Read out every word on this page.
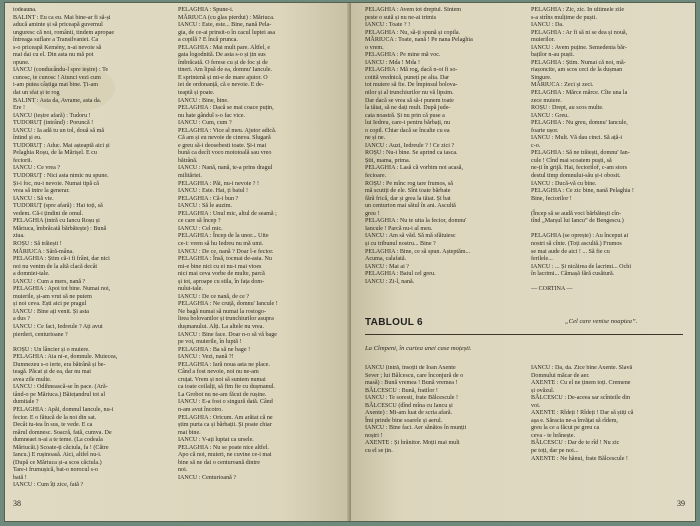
todeauna.

BALINT : Eu ca eu. Mai bine-ar fi să-și

aducă aminte și să priceapă guvernul

unguresc că noi, românii, tindem apropae

întreaga suflare a Transilvaniei. Ca

s-o priceapă Kemény, n-ai nevoie să

mai dai cu el. Din asta nu mă pot

opune.

IANCU (conducându-l spre ieșire) : Te

cunosc, te cunosc ! Atunci vezi cum

i-am putea câștiga mai bine. Ți-am

dat un sfat și te rog

BALINT : Asta da, Avrame, asta da.

Ere !

IANCU (ieșire afară) : Tudoru !

TUDORUȚ (intrând) : Poruncă !

IANCU : Ia adă tu un tol, două să mă

întind și eu.

TUDORUȚ : Aduc. Mai așteaptă aici și

Pelaghia Roșu, de la Mărișel. E cu

feciorii.

IANCU : Ce vrea ?

TUDORUȚ : Nici asta nimic nu spune.

Și-i foc, nu-i nevoie. Numai tipă că

vrea să intre la generar.

IANCU : Să vie.

TUDORUȚ (spre afară) : Hai toți, să

vedem. Că-i țindini de omul.

PELAGHIA (intră cu Iancu Roșu și

Măriuca, îmbrăcată bărbătește) : Bună

ziua.

ROȘU : Să trăiești !

MĂRIUCA : Sără-mâna.

PELAGHIA : Știm că-i fi frânt, dar nici

noi nu venim de la altă clacă decât

a domniei-tale.

IANCU : Cum a mers, nană ?

PELAGHIA : Apoi tot bine. Numai noi,

muierile, și-am vrut să ne puiem

și noi ceva. Ești aici pe pragul

IANCU : Bine ați venit. Și asta

a dus ?

IANCU : Ce faci, Iedreule ? Ați avut

pierderi, centurioane ?

ROȘU : Un lâncier și o muiere.

PELAGHIA : Aia ni-e, domnule. Muiecea,

Dumnezeu s-o ierte, era bătrână și be-

teagă. Păcat și de ea, dar nu mai

avea zile multe.

IANCU : Odihnească-se în pace. (Ară-

tând-o pe Măriuca.) Băiețandrul tot al

dumitale ?

PELAGHIA : Apăi, domnul Iancule, nu-i

fecior. E o fătucă de la noi din sat.

Decât tu-tea în sus, te vede. E ca

mărul domnesc. Soacră, fată, cumva. De

dumneaei n-ai a te teme. (La codeala

Măriucăi.) Scoate-ți căciula, fa ! (Către

Iancu.) E rușinoasă. Aici, altfel nu-i.

(După ce Măriuca și-a scos căciula.)

Tare-i frumușică, bat-o norocul s-o

bată !

IANCU : Cum îți zice, fată ?

PELAGHIA : Spune-i.

MĂRIUCA (cu glas pierdut) : Măriuca.

IANCU : Este, este... Bine, nană Pela-

gia, de ce-ai prinsit-o în cacul luptei asa

a copilă ? E încă prunca.

PELAGHIA : Mai mult pare. Altfel, e

gata logodnită. De asta s-o și țin sus

îmbrăcată. O ferese cu și de foc și de

tineri. Am lipsă de ea, domnu' Iancule.

E sprintenă și mi-e de mare ajutor. O

iei de ordonanță, că e nevoie. E de-

teaptă și poate.

IANCU : Bine, bine.

PELAGHIA : Dacă se mai coace puțin,

nu hate gândul s-o fac vice.

IANCU : Cum, cum ?

PELAGHIA : Vice al meu. Ajutor adică.

Că am și eu nevoie de cineva. Slugară

e greu să-i deosebesti toate. Și-i mai

bună ca decît voco mototoală sau vreo

bătrână.

IANCU : Nană, nană, te-a prins dragul

milităriei.

PELAGHIA : Păi, nu-i nevoie ? !

IANCU : Este. Hai, ți baiul !

PELAGHIA : Că-i bun ?

IANCU : Să le auzim.

PELAGHIA : Unul mic, altul de seamă ;

ce care să încep ?

IANCU : Cel mic.

PELAGHIA : Încep de la unor... Uite

ce-i: vrem să hu Iedreu nu mă umi.

IANCU : De ce, nană ? Doar l-e fecior.

PELAGHIA : Însă, tocmai de-asta. Nu

mi-e bine nici cu ei nu-i mai vioes

nici mai ceva vorbe de multe, parcă

și tot, aproape cu stila, în fața dom-

nului-tale.

IANCU : De ce nană, de ce ?

PELAGHIA : Ne cruță, domnu' Iancule !

Ne bagă numai să numai la rostogo-

lirea bolovanilor și trunchiurilor asupra

dușmanului. Alți. La altele nu vrea.

IANCU : Bine face. Doar n-o să vă bage

pe voi, muierile, în luptă !

PELAGHIA : Ba să ne bage !

IANCU : Vezi, nană ?!

PELAGHIA : Iară noua asta ne place.

Când a fost nevoie, noi nu ne-am

cruțat. Vrem și noi să suntem numai

ca toate ceilalți, să fim fie cu dușmanul.

La Grobot nu ne-am făcut de rușine.

IANCU : E-a fost o singură dată. Când

n-am avut încotro.

PELAGHIA : Oricum. Am arătat că ne

știm purta ca și bărbații. Și poate chiar

mai bine.

IANCU : V-ați luptat ca ursele.

PELAGHIA : Nu se poate nice altfel.

Apo că noi, muieri, ne cuvine ce-i mai

bine să ne dai o centuroană dintre

noi.

IANCU : Centurioană ?

38

PELAGHIA : Avem tot dreptul. Sîntem

peste o sută și nu ne-ai trimis

IANCU : Toate ? !

PELAGHIA : Nu, să-ți spună și copila.

MĂRIUCA : Toate, nană ! Pe nana Pelaghia

o vrem.

PELAGHIA : Pe mine mă voc.

IANCU : Mda ! Mda !

PELAGHIA : Mă rog, dacă n-oi fi so-

cotită vrednică, punețí pe alta. Dar

tot muiere să fie. De împinsul bolova-

nilor și al trunchiurilor nu vă lipsim.

Dar dacă se vrea să să-i punem toate

la tăiat, să ne dați mult. După jude-

cata noastră. Și nu prin că puse a

lui Iedreu, care-i pentru bărbați, nu

o copil. Chiar dacă se încalte cu ea

ne și ne.

IANCU : Auzi, Iedreule ? ! Ce zici ?

ROȘU : Nu-i bine. Se aprind ca iasca.

Știi, mama, prima.

PELAGHIA : Lasă că vorbim noi acasă,

fecioare.

ROȘU : Pe mînc rog tare frumos, să

mă scutiți de ele. Sînt toate bărbate

fără frică, dar și grea la tăiat. Și bat

un centurion mai sătul în ani. Ascultă

greu !

PELAGHIA : Nu te uita la fecior, domnu'

Iancule ! Parcă nu-i al meu.

IANCU : Am să văd. Să mă sfătuiesc

și cu tribunul nostru... Bine ?

PELAGHIA : Bine, ce să spun. Așteptăm...

Acuma, calafată.

IANCU : Mai ai ?

PELAGHIA : Baiul cel greu.

IANCU : Zi-l, nană.

PELAGHIA : Zic, zic. În ultimele zile

s-a strîns mulțime de puști.

IANCU : Da.

PELAGHIA : Ar fi să ni se dea și nouă,

muierilor.

IANCU : Avem puține. Semedenia băr-

baților n-au puști.

PELAGHIA : Știm. Numai că noi, mă-

riașoncite, am scos ceci de la dușman

Singure.

MĂRIUCA : Zeci și zeci.

PELAGHIA : Mărce mărce. Cîte una la

zece muiere.

ROȘU : Drept, au scos multe.

IANCU : Greu.

PELAGHIA : Nu greu, domnu' Iancule,

foarte ușor.

IANCU : Mult. Vă dau cinci. Să ață-i

c-o.

PELAGHIA : Să ne trăiești, domnu' Ian-

cule ! Cînd mai scoatem puști, să

ne-ți în grijă. Hai, fecioriloř, c-am stors

destul timp domnului-său și-i obosit.

IANCU : Ducă-vă cu bine.

PELAGHIA : Ce zic bine, nană Pelaghia !

Bine, feciorilor !

(Încep să se audă voci bărbătești cîn-

tînd „Marșul lui Iancu” de Bengescu.)

PELAGHIA (se oprește) : Au început ai

nostri să cînte. (Toți ascultă.) Frumos

se mai aude de aici ! ... Să fie cu

ferilele...

IANCU : ... Și nicăirea de lacrimi... Ochi

în lacrimi... Cămașă fără cusătură.

— CORTINA —

TABLOUL 6	„Cel care venise noaptea”.
La Cîmpeni, în curtea unei case moțești.

IANCU (intră, însoțit de Ioan Axente

Sever ; lui Bălcescu, care înconjură de o

masă) : Bună vremea ! Bună vremea !

BĂLCESCU : Bună, fratilor !

IANCU : Te soresti, frate Bălcescule !

BĂLCESCU (dînd mîna cu Iancu și

Axente) : Mi-am luat de scria afară.

Îmi prinde bine soarele și aerul.

IANCU : Bine faci. Aer sănătos în munții

noștri !

AXENTE : Și hrănitor. Moții mai mult

cu el se țin.

IANCU : Da, da. Zice bine Axente. Slavă

Domnului măcar de aer.

AXENTE : Cu el ne ținem toți. Cremene

și ovăzul.

BĂLCESCU : De-aceea sar scînteile din

voi.

AXENTE : Rîdeți ! Rîdeți ! Dar să știți că

așa e. Săracia ne-a învățat să rîdem,

greu la ce a făcut pe greu ca

ceva - te hrănește.

BĂLCESCU : Dar de te rîd ! Nu zic

pe toți, dar pe noi...

AXENTE : Ne hănui, frate Bălcescule !

39
